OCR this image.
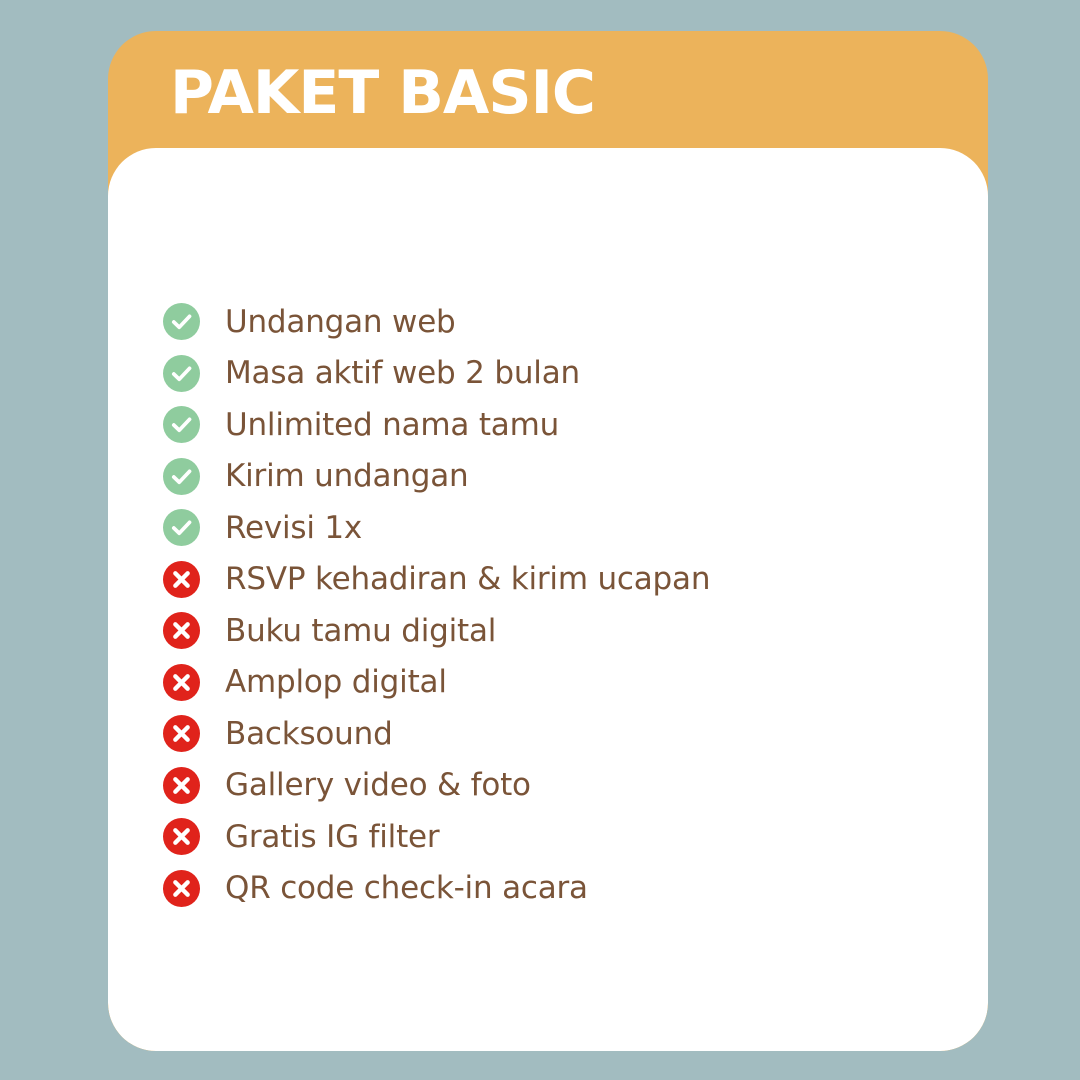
PAKET BASIC
Undangan web
Masa aktif web 2 bulan
Unlimited nama tamu
Kirim undangan
Revisi 1x
RSVP kehadiran & kirim ucapan
Buku tamu digital
Amplop digital
Backsound
Gallery video & foto
Gratis IG filter
QR code check-in acara
